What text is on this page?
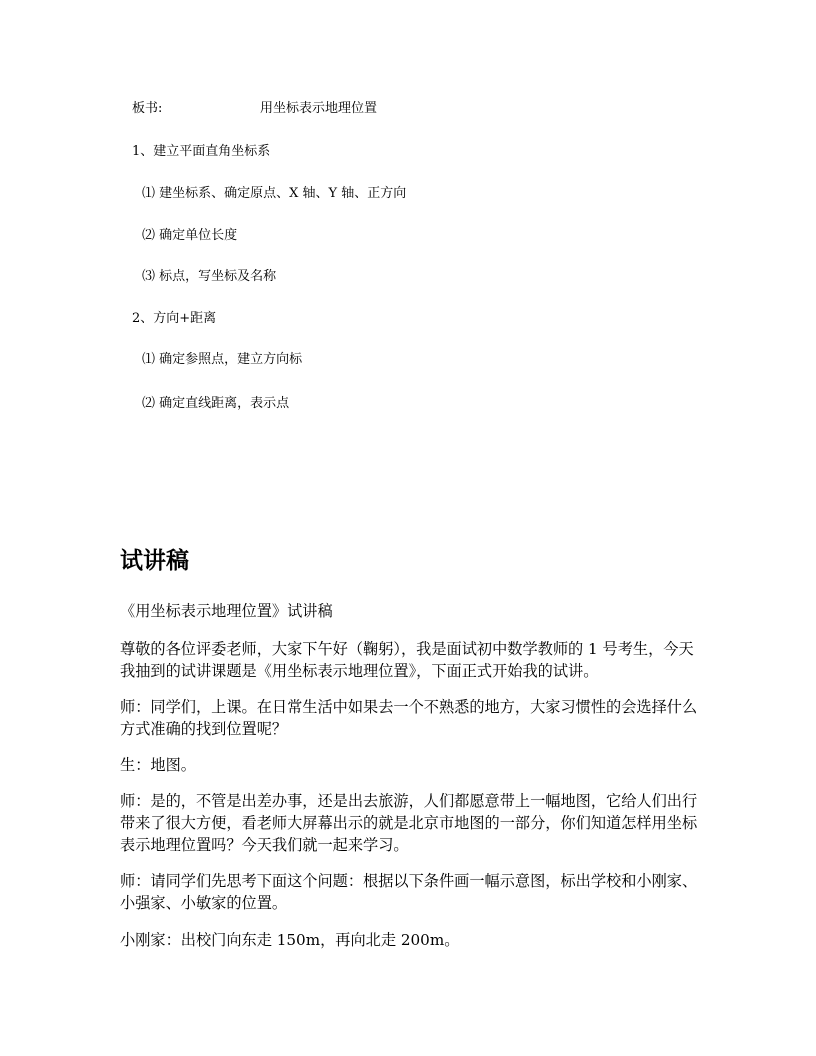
板书:	用坐标表示地理位置
1、建立平面直角坐标系
⑴ 建坐标系、确定原点、X 轴、Y 轴、正方向
⑵ 确定单位长度
⑶ 标点，写坐标及名称
2、方向+距离
⑴ 确定参照点，建立方向标
⑵ 确定直线距离，表示点
试讲稿

《用坐标表示地理位置》试讲稿

尊敬的各位评委老师，大家下午好（鞠躬），我是面试初中数学教师的 1 号考生，今天我抽到的试讲课题是《用坐标表示地理位置》，下面正式开始我的试讲。

师：同学们，上课。在日常生活中如果去一个不熟悉的地方，大家习惯性的会选择什么方式准确的找到位置呢？

生：地图。

师：是的，不管是出差办事，还是出去旅游，人们都愿意带上一幅地图，它给人们出行带来了很大方便，看老师大屏幕出示的就是北京市地图的一部分，你们知道怎样用坐标表示地理位置吗？今天我们就一起来学习。

师：请同学们先思考下面这个问题：根据以下条件画一幅示意图，标出学校和小刚家、小强家、小敏家的位置。

小刚家：出校门向东走 150m，再向北走 200m。
